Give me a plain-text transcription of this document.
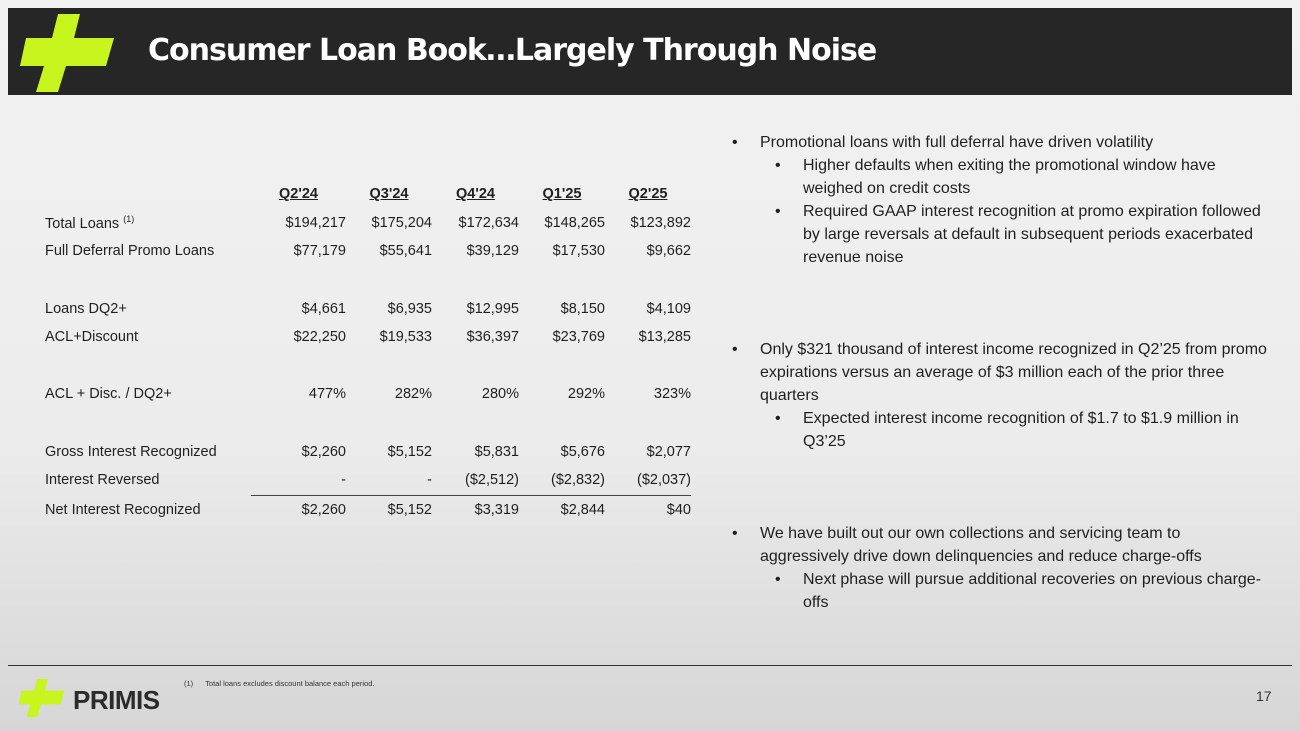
Consumer Loan Book…Largely Through Noise
	Q2'24	Q3'24	Q4'24	Q1'25	Q2'25
Total Loans $^{(1)}$	$194,217	$175,204	$172,634	$148,265	$123,892
Full Deferral Promo Loans	$77,179	$55,641	$39,129	$17,530	$9,662

Loans DQ2+	$4,661	$6,935	$12,995	$8,150	$4,109
ACL+Discount	$22,250	$19,533	$36,397	$23,769	$13,285

ACL + Disc. / DQ2+	477%	282%	280%	292%	323%

Gross Interest Recognized	$2,260	$5,152	$5,831	$5,676	$2,077
Interest Reversed	-	-	($2,512)	($2,832)	($2,037)
Net Interest Recognized	$2,260	$5,152	$3,319	$2,844	$40
• Promotional loans with full deferral have driven volatility
• Higher defaults when exiting the promotional window have weighed on credit costs
• Required GAAP interest recognition at promo expiration followed by large reversals at default in subsequent periods exacerbated revenue noise
• Only $321 thousand of interest income recognized in Q2’25 from promo expirations versus an average of $3 million each of the prior three quarters
• Expected interest income recognition of $1.7 to $1.9 million in Q3’25
• We have built out our own collections and servicing team to aggressively drive down delinquencies and reduce charge-offs
• Next phase will pursue additional recoveries on previous charge-offs
PRIMIS
(1) Total loans excludes discount balance each period.
17
